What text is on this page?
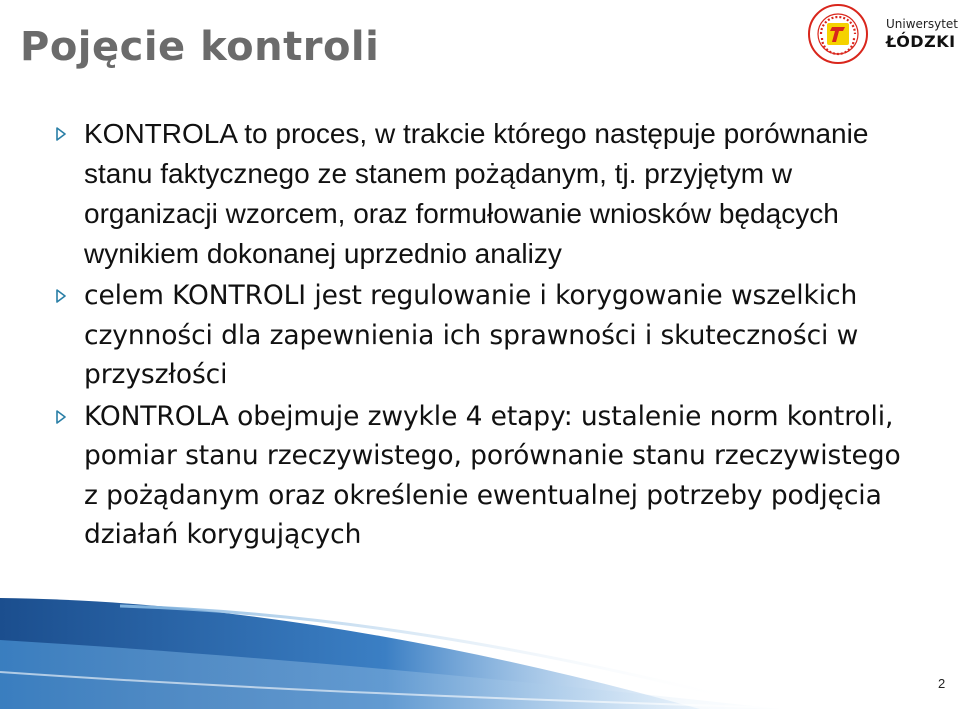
Pojęcie kontroli	Uniwersytet
ŁÓDZKI
KONTROLA to proces, w trakcie którego następuje porównanie stanu faktycznego ze stanem pożądanym, tj. przyjętym w organizacji wzorcem, oraz formułowanie wniosków będących wynikiem dokonanej uprzednio analizy
celem KONTROLI jest regulowanie i korygowanie wszelkich czynności dla zapewnienia ich sprawności i skuteczności w przyszłości
KONTROLA obejmuje zwykle 4 etapy: ustalenie norm kontroli, pomiar stanu rzeczywistego, porównanie stanu rzeczywistego z pożądanym oraz określenie ewentualnej potrzeby podjęcia działań korygujących
2
